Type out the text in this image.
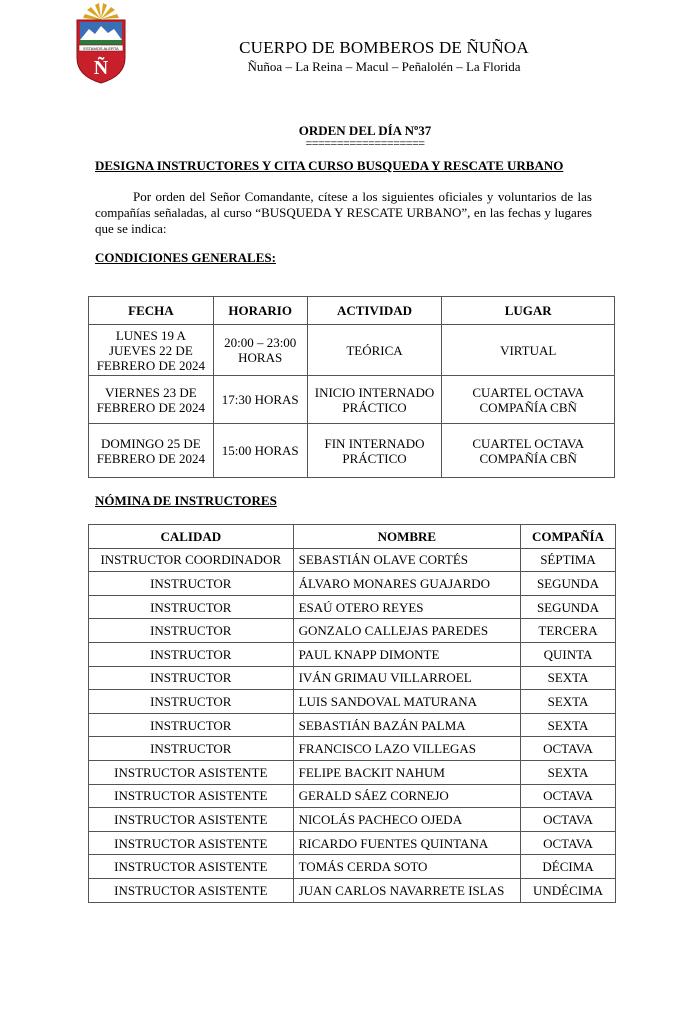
ESTAMOS ALERTA
Ñ
CUERPO DE BOMBEROS DE ÑUÑOA
Ñuñoa – La Reina – Macul – Peñalolén – La Florida
ORDEN DEL DÍA Nº37
===================
DESIGNA INSTRUCTORES Y CITA CURSO BUSQUEDA Y RESCATE URBANO

Por orden del Señor Comandante, cítese a los siguientes oficiales y voluntarios de las compañías señaladas, al curso “BUSQUEDA Y RESCATE URBANO”, en las fechas y lugares que se indica:

CONDICIONES GENERALES:
FECHA	HORARIO	ACTIVIDAD	LUGAR
LUNES 19 A JUEVES 22 DE FEBRERO DE 2024	20:00 – 23:00 HORAS	TEÓRICA	VIRTUAL
VIERNES 23 DE FEBRERO DE 2024	17:30 HORAS	INICIO INTERNADO PRÁCTICO	CUARTEL OCTAVA COMPAÑÍA CBÑ
DOMINGO 25 DE FEBRERO DE 2024	15:00 HORAS	FIN INTERNADO PRÁCTICO	CUARTEL OCTAVA COMPAÑÍA CBÑ
NÓMINA DE INSTRUCTORES
CALIDAD	NOMBRE	COMPAÑÍA
INSTRUCTOR COORDINADOR	SEBASTIÁN OLAVE CORTÉS	SÉPTIMA
INSTRUCTOR	ÁLVARO MONARES GUAJARDO	SEGUNDA
INSTRUCTOR	ESAÚ OTERO REYES	SEGUNDA
INSTRUCTOR	GONZALO CALLEJAS PAREDES	TERCERA
INSTRUCTOR	PAUL KNAPP DIMONTE	QUINTA
INSTRUCTOR	IVÁN GRIMAU VILLARROEL	SEXTA
INSTRUCTOR	LUIS SANDOVAL MATURANA	SEXTA
INSTRUCTOR	SEBASTIÁN BAZÁN PALMA	SEXTA
INSTRUCTOR	FRANCISCO LAZO VILLEGAS	OCTAVA
INSTRUCTOR ASISTENTE	FELIPE BACKIT NAHUM	SEXTA
INSTRUCTOR ASISTENTE	GERALD SÁEZ CORNEJO	OCTAVA
INSTRUCTOR ASISTENTE	NICOLÁS PACHECO OJEDA	OCTAVA
INSTRUCTOR ASISTENTE	RICARDO FUENTES QUINTANA	OCTAVA
INSTRUCTOR ASISTENTE	TOMÁS CERDA SOTO	DÉCIMA
INSTRUCTOR ASISTENTE	JUAN CARLOS NAVARRETE ISLAS	UNDÉCIMA
